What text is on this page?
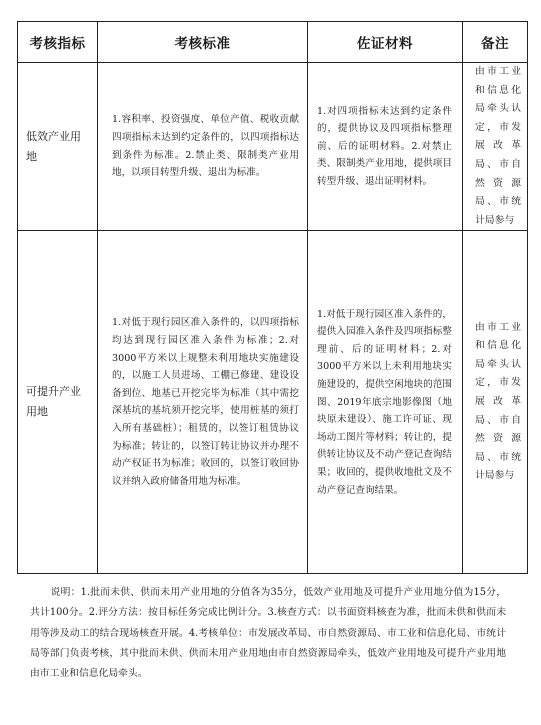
考核指标	考核标准	佐证材料	备注
低效产业用地	1.容积率、投资强度、单位产值、税收贡献四项指标未达到约定条件的，以四项指标达到条件为标准。2.禁止类、限制类产业用地，以项目转型升级、退出为标准。	1.对四项指标未达到约定条件的，提供协议及四项指标整理前、后的证明材料。2.对禁止类、限制类产业用地，提供项目转型升级、退出证明材料。	由市工业和信息化局牵头认定，市发展改革局、市自然资源局、市统计局参与
可提升产业用地	1.对低于现行园区准入条件的，以四项指标均达到现行园区准入条件为标准；2.对3000平方米以上规整未利用地块实施建设的，以施工人员进场、工棚已修建、建设设备到位、地基已开挖完毕为标准（其中需挖深基坑的基坑须开挖完毕，使用桩基的须打入所有基础桩）；租赁的，以签订租赁协议为标准；转让的，以签订转让协议并办理不动产权证书为标准；收回的，以签订收回协议并纳入政府储备用地为标准。	1.对低于现行园区准入条件的，提供入园准入条件及四项指标整理前、后的证明材料；2.对3000平方米以上未利用地块实施建设的，提供空闲地块的范围图、2019年底宗地影像图（地块原未建设）、施工许可证、现场动工图片等材料；转让的，提供转让协议及不动产登记查询结果；收回的，提供收地批文及不动产登记查询结果。	由市工业和信息化局牵头认定，市发展改革局、市自然资源局、市统计局参与

说明：1.批而未供、供而未用产业用地的分值各为35分，低效产业用地及可提升产业用地分值为15分，共计100分。2.评分方法：按目标任务完成比例计分。3.核查方式：以书面资料核查为准，批而未供和供而未用等涉及动工的结合现场核查开展。4.考核单位：市发展改革局、市自然资源局、市工业和信息化局、市统计局等部门负责考核，其中批而未供、供而未用产业用地由市自然资源局牵头，低效产业用地及可提升产业用地由市工业和信息化局牵头。
